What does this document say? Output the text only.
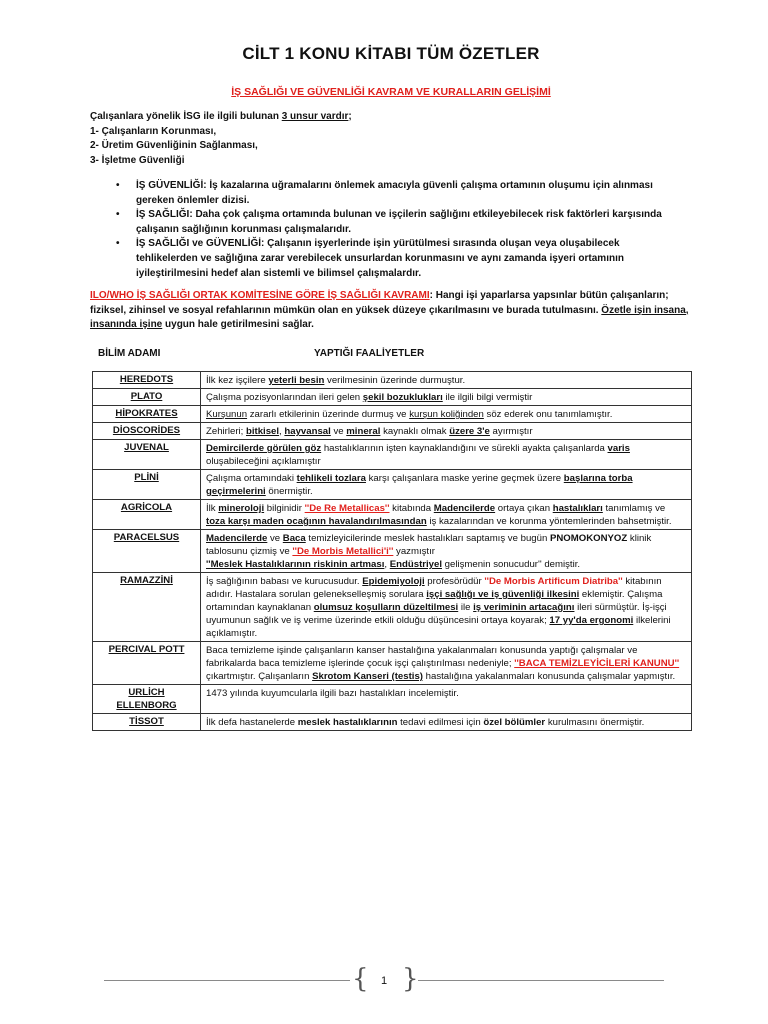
CİLT 1 KONU KİTABI TÜM ÖZETLER
İŞ SAĞLIĞI VE GÜVENLİĞİ KAVRAM VE KURALLARIN GELİŞİMİ
Çalışanlara yönelik İSG ile ilgili bulunan 3 unsur vardır;
1- Çalışanların Korunması,
2- Üretim Güvenliğinin Sağlanması,
3- İşletme Güvenliği
• İŞ GÜVENLİĞİ: İş kazalarına uğramalarını önlemek amacıyla güvenli çalışma ortamının oluşumu için alınması gereken önlemler dizisi.
• İŞ SAĞLIĞI: Daha çok çalışma ortamında bulunan ve işçilerin sağlığını etkileyebilecek risk faktörleri karşısında çalışanın sağlığının korunması çalışmalarıdır.
• İŞ SAĞLIĞI ve GÜVENLİĞİ: Çalışanın işyerlerinde işin yürütülmesi sırasında oluşan veya oluşabilecek tehlikelerden ve sağlığına zarar verebilecek unsurlardan korunmasını ve aynı zamanda işyeri ortamının iyileştirilmesini hedef alan sistemli ve bilimsel çalışmalardır.
ILO/WHO İŞ SAĞLIĞI ORTAK KOMİTESİNE GÖRE İŞ SAĞLIĞI KAVRAMI: Hangi işi yaparlarsa yapsınlar bütün çalışanların; fiziksel, zihinsel ve sosyal refahlarının mümkün olan en yüksek düzeye çıkarılmasını ve burada tutulmasını. Özetle işin insana, insanında işine uygun hale getirilmesini sağlar.
BİLİM ADAMI	YAPTIĞI FAALİYETLER
HEREDOTS	İlk kez işçilere yeterli besin verilmesinin üzerinde durmuştur.
PLATO	Çalışma pozisyonlarından ileri gelen şekil bozuklukları ile ilgili bilgi vermiştir
HİPOKRATES	Kurşunun zararlı etkilerinin üzerinde durmuş ve kurşun koliğinden söz ederek onu tanımlamıştır.
DİOSCORİDES	Zehirleri; bitkisel, hayvansal ve mineral kaynaklı olmak üzere 3'e ayırmıştır
JUVENAL	Demircilerde görülen göz hastalıklarının işten kaynaklandığını ve sürekli ayakta çalışanlarda varis oluşabileceğini açıklamıştır
PLİNİ	Çalışma ortamındaki tehlikeli tozlara karşı çalışanlara maske yerine geçmek üzere başlarına torba geçirmelerini önermiştir.
AGRİCOLA	İlk mineroloji bilginidir ''De Re Metallicas'' kitabında Madencilerde ortaya çıkan hastalıkları tanımlamış ve toza karşı maden ocağının havalandırılmasından iş kazalarından ve korunma yöntemlerinden bahsetmiştir.
PARACELSUS	Madencilerde ve Baca temizleyicilerinde meslek hastalıkları saptamış ve bugün PNOMOKONYOZ klinik tablosunu çizmiş ve ''De Morbis Metallici'i'' yazmıştır
''Meslek Hastalıklarının riskinin artması, Endüstriyel gelişmenin sonucudur'' demiştir.
RAMAZZİNİ	İş sağlığının babası ve kurucusudur. Epidemiyoloji profesörüdür ''De Morbis Artificum Diatriba'' kitabının adıdır. Hastalara sorulan gelenekselleşmiş sorulara işçi sağlığı ve iş güvenliği ilkesini eklemiştir. Çalışma ortamından kaynaklanan olumsuz koşulların düzeltilmesi ile iş veriminin artacağını ileri sürmüştür. İş-işçi uyumunun sağlık ve iş verime üzerinde etkili olduğu düşüncesini ortaya koyarak; 17 yy'da ergonomi ilkelerini açıklamıştır.
PERCIVAL POTT	Baca temizleme işinde çalışanların kanser hastalığına yakalanmaları konusunda yaptığı çalışmalar ve fabrikalarda baca temizleme işlerinde çocuk işçi çalıştırılması nedeniyle; ''BACA TEMİZLEYİCİLERİ KANUNU'' çıkartmıştır. Çalışanların Skrotom Kanseri (testis) hastalığına yakalanmaları konusunda çalışmalar yapmıştır.
URLİCH ELLENBORG	1473 yılında kuyumcularla ilgili bazı hastalıkları incelemiştir.
TİSSOT	İlk defa hastanelerde meslek hastalıklarının tedavi edilmesi için özel bölümler kurulmasını önermiştir.
{ }
1
